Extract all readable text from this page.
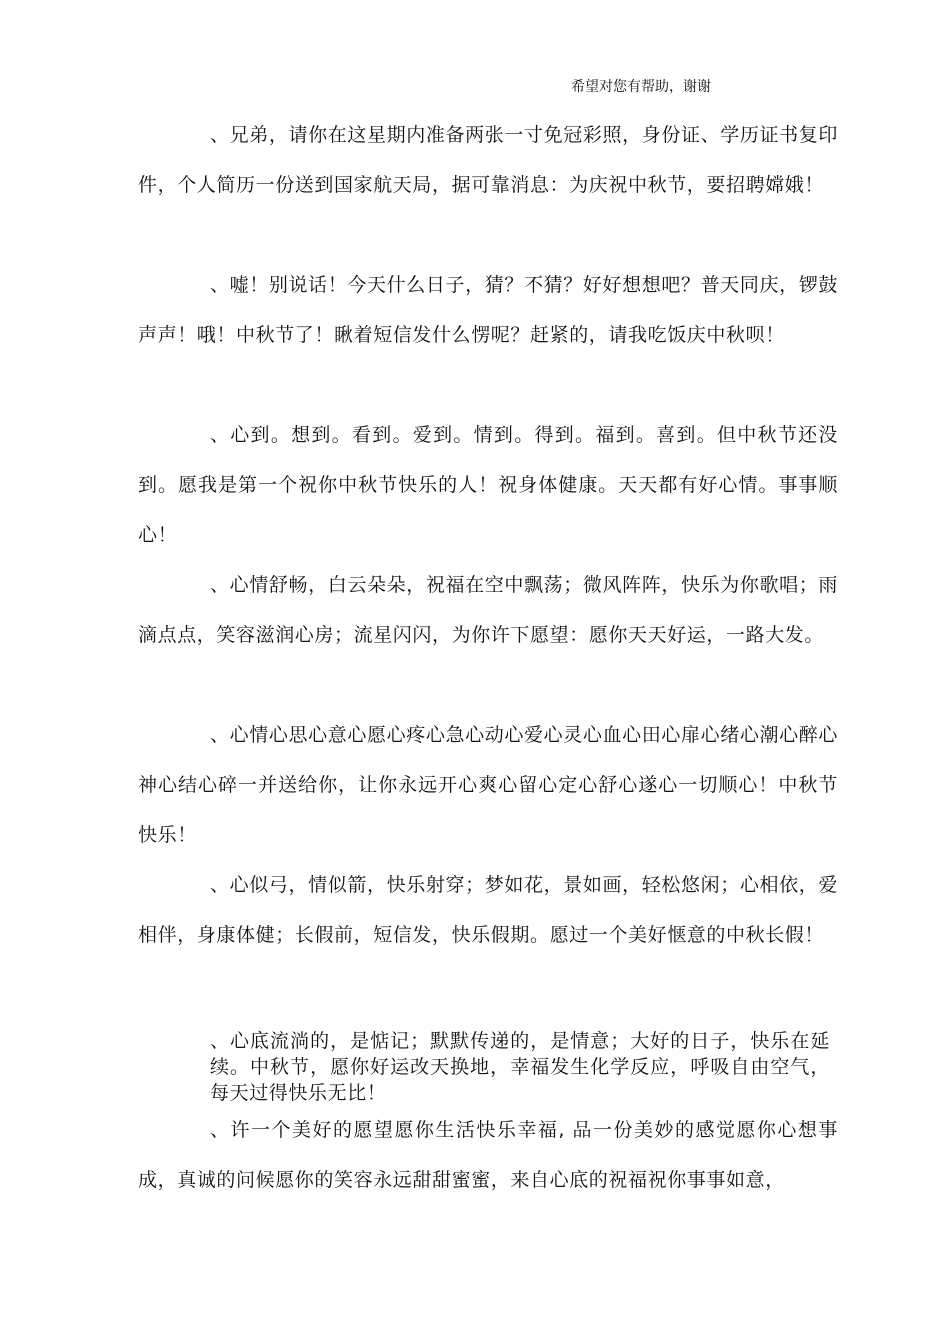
希望对您有帮助，谢谢

、兄弟，请你在这星期内准备两张一寸免冠彩照，身份证、学历证书复印件，个人简历一份送到国家航天局，据可靠消息：为庆祝中秋节，要招聘嫦娥！

、嘘！别说话！今天什么日子，猜？不猜？好好想想吧？普天同庆，锣鼓声声！哦！中秋节了！瞅着短信发什么愣呢？赶紧的，请我吃饭庆中秋呗！

、心到。想到。看到。爱到。情到。得到。福到。喜到。但中秋节还没到。愿我是第一个祝你中秋节快乐的人！祝身体健康。天天都有好心情。事事顺心！

、心情舒畅，白云朵朵，祝福在空中飘荡；微风阵阵，快乐为你歌唱；雨滴点点，笑容滋润心房；流星闪闪，为你许下愿望：愿你天天好运，一路大发。

、心情心思心意心愿心疼心急心动心爱心灵心血心田心扉心绪心潮心醉心神心结心碎一并送给你，让你永远开心爽心留心定心舒心遂心一切顺心！中秋节快乐！

、心似弓，情似箭，快乐射穿；梦如花，景如画，轻松悠闲；心相依，爱相伴，身康体健；长假前，短信发，快乐假期。愿过一个美好惬意的中秋长假！

、心底流淌的，是惦记；默默传递的，是情意；大好的日子，快乐在延续。中秋节，愿你好运改天换地，幸福发生化学反应，呼吸自由空气，每天过得快乐无比！

、许一个美好的愿望愿你生活快乐幸福, 品一份美妙的感觉愿你心想事成，真诚的问候愿你的笑容永远甜甜蜜蜜，来自心底的祝福祝你事事如意，
